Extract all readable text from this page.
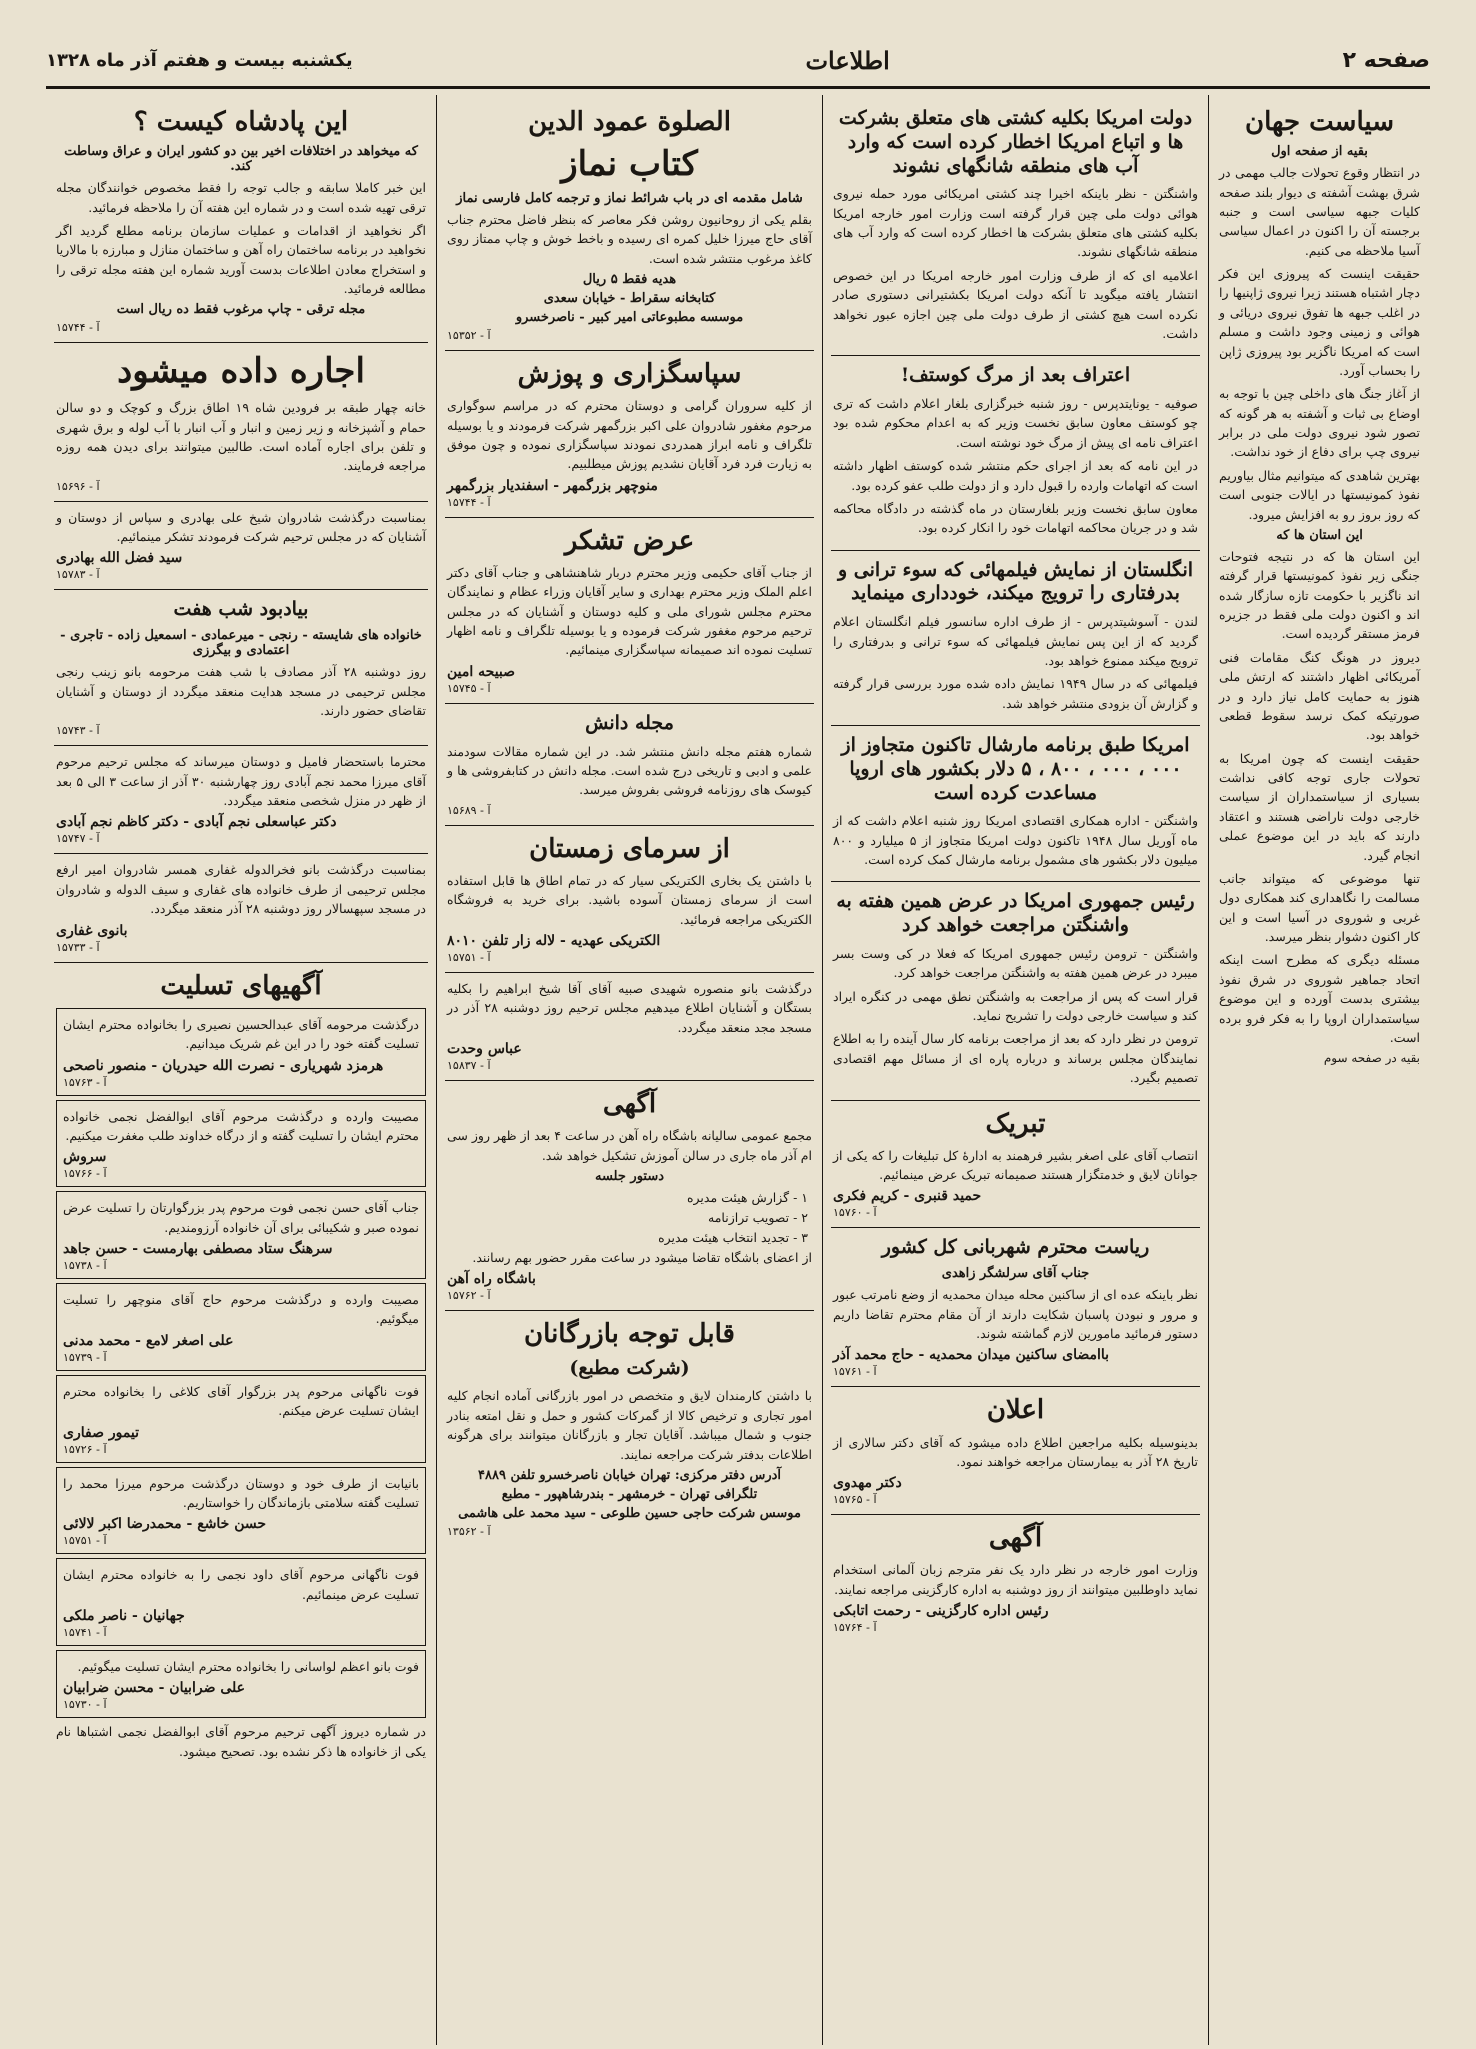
صفحه ۲
اطلاعات
یکشنبه بیست و هفتم آذر ماه ۱۳۲۸
سیاست جهان
بقیه از صفحه اول

در انتظار وقوع تحولات جالب مهمی در شرق بهشت آشفته ی دیوار بلند صفحه کلیات جبهه سیاسی است و جنبه برجسته آن را اکنون در اعمال سیاسی آسیا ملاحظه می کنیم.

حقیقت اینست که پیروزی این فکر دچار اشتباه هستند زیرا نیروی ژاپنیها را در اغلب جبهه ها تفوق نیروی دریائی و هوائی و زمینی وجود داشت و مسلم است که امریکا ناگزیر بود پیروزی ژاپن را بحساب آورد.

از آغاز جنگ های داخلی چین با توجه به اوضاع بی ثبات و آشفته به هر گونه که تصور شود نیروی دولت ملی در برابر نیروی چپ برای دفاع از خود نداشت.

بهترین شاهدی که میتوانیم مثال بیاوریم نفوذ کمونیستها در ایالات جنوبی است که روز بروز رو به افزایش میرود.

این استان ها که

این استان ها که در نتیجه فتوحات جنگی زیر نفوذ کمونیستها قرار گرفته اند ناگزیر با حکومت تازه سازگار شده اند و اکنون دولت ملی فقط در جزیره فرمز مستقر گردیده است.

دیروز در هونگ کنگ مقامات فنی آمریکائی اظهار داشتند که ارتش ملی هنوز به حمایت کامل نیاز دارد و در صورتیکه کمک نرسد سقوط قطعی خواهد بود.

حقیقت اینست که چون امریکا به تحولات جاری توجه کافی نداشت بسیاری از سیاستمداران از سیاست خارجی دولت ناراضی هستند و اعتقاد دارند که باید در این موضوع عملی انجام گیرد.

تنها موضوعی که میتواند جانب مسالمت را نگاهداری کند همکاری دول غربی و شوروی در آسیا است و این کار اکنون دشوار بنظر میرسد.

مسئله دیگری که مطرح است اینکه اتحاد جماهیر شوروی در شرق نفوذ بیشتری بدست آورده و این موضوع سیاستمداران اروپا را به فکر فرو برده است.

بقیه در صفحه سوم
دولت امریکا بکلیه کشتی های متعلق بشرکت ها و اتباع امریکا اخطار کرده است که وارد آب های منطقه شانگهای نشوند

واشنگتن - نظر باینکه اخیرا چند کشتی امریکائی مورد حمله نیروی هوائی دولت ملی چین قرار گرفته است وزارت امور خارجه امریکا بکلیه کشتی های متعلق بشرکت ها اخطار کرده است که وارد آب های منطقه شانگهای نشوند.

اعلامیه ای که از طرف وزارت امور خارجه امریکا در این خصوص انتشار یافته میگوید تا آنکه دولت امریکا بکشتیرانی دستوری صادر نکرده است هیچ کشتی از طرف دولت ملی چین اجازه عبور نخواهد داشت.

اعتراف بعد از مرگ کوستف!

صوفیه - یونایتدپرس - روز شنبه خبرگزاری بلغار اعلام داشت که تری چو کوستف معاون سابق نخست وزیر که به اعدام محکوم شده بود اعتراف نامه ای پیش از مرگ خود نوشته است.

در این نامه که بعد از اجرای حکم منتشر شده کوستف اظهار داشته است که اتهامات وارده را قبول دارد و از دولت طلب عفو کرده بود.

معاون سابق نخست وزیر بلغارستان در ماه گذشته در دادگاه محاکمه شد و در جریان محاکمه اتهامات خود را انکار کرده بود.

انگلستان از نمایش فیلمهائی که سوء ترانی و بدرفتاری را ترویج میکند، خودداری مینماید

لندن - آسوشیتدپرس - از طرف اداره سانسور فیلم انگلستان اعلام گردید که از این پس نمایش فیلمهائی که سوء ترانی و بدرفتاری را ترویج میکند ممنوع خواهد بود.

فیلمهائی که در سال ۱۹۴۹ نمایش داده شده مورد بررسی قرار گرفته و گزارش آن بزودی منتشر خواهد شد.

امریکا طبق برنامه مارشال تاکنون متجاوز از ۰۰۰ ، ۰۰۰ ، ۸۰۰ ، ۵ دلار بکشور های اروپا مساعدت کرده است

واشنگتن - اداره همکاری اقتصادی امریکا روز شنبه اعلام داشت که از ماه آوریل سال ۱۹۴۸ تاکنون دولت امریکا متجاوز از ۵ میلیارد و ۸۰۰ میلیون دلار بکشور های مشمول برنامه مارشال کمک کرده است.

رئیس جمهوری امریکا در عرض همین هفته به واشنگتن مراجعت خواهد کرد

واشنگتن - ترومن رئیس جمهوری امریکا که فعلا در کی وست بسر میبرد در عرض همین هفته به واشنگتن مراجعت خواهد کرد.

قرار است که پس از مراجعت به واشنگتن نطق مهمی در کنگره ایراد کند و سیاست خارجی دولت را تشریح نماید.

ترومن در نظر دارد که بعد از مراجعت برنامه کار سال آینده را به اطلاع نمایندگان مجلس برساند و درباره پاره ای از مسائل مهم اقتصادی تصمیم بگیرد.

تبریک

انتصاب آقای علی اصغر بشیر فرهمند به ادارهٔ کل تبلیغات را که یکی از جوانان لایق و خدمتگزار هستند صمیمانه تبریک عرض مینمائیم.

حمید قنبری - کریم فکری
آ - ۱۵۷۶۰
ریاست محترم شهربانی کل کشور
جناب آقای سرلشگر زاهدی

نظر باینکه عده ای از ساکنین محله میدان محمدیه از وضع نامرتب عبور و مرور و نبودن پاسبان شکایت دارند از آن مقام محترم تقاضا داریم دستور فرمائید مامورین لازم گماشته شوند.

باامضای ساکنین میدان محمدیه - حاج محمد آذر
آ - ۱۵۷۶۱
اعلان

بدینوسیله بکلیه مراجعین اطلاع داده میشود که آقای دکتر سالاری از تاریخ ۲۸ آذر به بیمارستان مراجعه خواهند نمود.

دکتر مهدوی
آ - ۱۵۷۶۵
آگهی

وزارت امور خارجه در نظر دارد یک نفر مترجم زبان آلمانی استخدام نماید داوطلبین میتوانند از روز دوشنبه به اداره کارگزینی مراجعه نمایند.

رئیس اداره کارگزینی - رحمت اتابکی
آ - ۱۵۷۶۴
الصلوة عمود الدین
کتاب نماز
شامل مقدمه ای در باب شرائط نماز و ترجمه کامل فارسی نماز

بقلم یکی از روحانیون روشن فکر معاصر که بنظر فاضل محترم جناب آقای حاج میرزا خلیل کمره ای رسیده و باخط خوش و چاپ ممتاز روی کاغذ مرغوب منتشر شده است.

هدیه فقط ۵ ریال
کتابخانه سقراط - خیابان سعدی
موسسه مطبوعاتی امیر کبیر - ناصرخسرو
آ - ۱۵۳۵۲
سپاسگزاری و پوزش

از کلیه سروران گرامی و دوستان محترم که در مراسم سوگواری مرحوم مغفور شادروان علی اکبر بزرگمهر شرکت فرمودند و یا بوسیله تلگراف و نامه ابراز همدردی نمودند سپاسگزاری نموده و چون موفق به زیارت فرد فرد آقایان نشدیم پوزش میطلبیم.

منوچهر بزرگمهر - اسفندیار بزرگمهر
آ - ۱۵۷۴۴
عرض تشکر

از جناب آقای حکیمی وزیر محترم دربار شاهنشاهی و جناب آقای دکتر اعلم الملک وزیر محترم بهداری و سایر آقایان وزراء عظام و نمایندگان محترم مجلس شورای ملی و کلیه دوستان و آشنایان که در مجلس ترحیم مرحوم مغفور شرکت فرموده و یا بوسیله تلگراف و نامه اظهار تسلیت نموده اند صمیمانه سپاسگزاری مینمائیم.

صبیحه امین
آ - ۱۵۷۴۵
مجله دانش

شماره هفتم مجله دانش منتشر شد. در این شماره مقالات سودمند علمی و ادبی و تاریخی درج شده است. مجله دانش در کتابفروشی ها و کیوسک های روزنامه فروشی بفروش میرسد.

آ - ۱۵۶۸۹
از سرمای زمستان

با داشتن یک بخاری الکتریکی سیار که در تمام اطاق ها قابل استفاده است از سرمای زمستان آسوده باشید. برای خرید به فروشگاه الکتریکی مراجعه فرمائید.

الکتریکی عهدیه - لاله زار تلفن ۸۰۱۰
آ - ۱۵۷۵۱

درگذشت بانو منصوره شهیدی صبیه آقای آقا شیخ ابراهیم را بکلیه بستگان و آشنایان اطلاع میدهیم مجلس ترحیم روز دوشنبه ۲۸ آذر در مسجد مجد منعقد میگردد.

عباس وحدت
آ - ۱۵۸۳۷
آگهی

مجمع عمومی سالیانه باشگاه راه آهن در ساعت ۴ بعد از ظهر روز سی ام آذر ماه جاری در سالن آموزش تشکیل خواهد شد.

دستور جلسه
۱ - گزارش هیئت مدیره
۲ - تصویب ترازنامه
۳ - تجدید انتخاب هیئت مدیره

از اعضای باشگاه تقاضا میشود در ساعت مقرر حضور بهم رسانند.

باشگاه راه آهن
آ - ۱۵۷۶۲
قابل توجه بازرگانان
(شرکت مطبع)

با داشتن کارمندان لایق و متخصص در امور بازرگانی آماده انجام کلیه امور تجاری و ترخیص کالا از گمرکات کشور و حمل و نقل امتعه بنادر جنوب و شمال میباشد. آقایان تجار و بازرگانان میتوانند برای هرگونه اطلاعات بدفتر شرکت مراجعه نمایند.

آدرس دفتر مرکزی: تهران خیابان ناصرخسرو تلفن ۴۸۸۹
تلگرافی تهران - خرمشهر - بندرشاهپور - مطبع
موسس شرکت حاجی حسین طلوعی - سید محمد علی هاشمی
آ - ۱۳۵۶۲
این پادشاه کیست ؟
که میخواهد در اختلافات اخیر بین دو کشور ایران و عراق وساطت کند.

این خبر کاملا سابقه و جالب توجه را فقط مخصوص خوانندگان مجله ترقی تهیه شده است و در شماره این هفته آن را ملاحظه فرمائید.

اگر نخواهید از اقدامات و عملیات سازمان برنامه مطلع گردید اگر نخواهید در برنامه ساختمان راه آهن و ساختمان منازل و مبارزه با مالاریا و استخراج معادن اطلاعات بدست آورید شماره این هفته مجله ترقی را مطالعه فرمائید.

مجله ترقی - چاپ مرغوب فقط ده ریال است
آ - ۱۵۷۴۴
اجاره داده میشود

خانه چهار طبقه بر فرودین شاه ۱۹ اطاق بزرگ و کوچک و دو سالن حمام و آشپزخانه و زیر زمین و انبار و آب انبار با آب لوله و برق شهری و تلفن برای اجاره آماده است. طالبین میتوانند برای دیدن همه روزه مراجعه فرمایند.

آ - ۱۵۶۹۶

بمناسبت درگذشت شادروان شیخ علی بهادری و سپاس از دوستان و آشنایان که در مجلس ترحیم شرکت فرمودند تشکر مینمائیم.

سید فضل الله بهادری
آ - ۱۵۷۸۳
بیادبود شب هفت
خانواده های شایسته - رنجی - میرعمادی - اسمعیل زاده - تاجری - اعتمادی و بیگرزی

روز دوشنبه ۲۸ آذر مصادف با شب هفت مرحومه بانو زینب رنجی مجلس ترحیمی در مسجد هدایت منعقد میگردد از دوستان و آشنایان تقاضای حضور دارند.

آ - ۱۵۷۴۳

محترما باستحضار فامیل و دوستان میرساند که مجلس ترحیم مرحوم آقای میرزا محمد نجم آبادی روز چهارشنبه ۳۰ آذر از ساعت ۳ الی ۵ بعد از ظهر در منزل شخصی منعقد میگردد.

دکتر عباسعلی نجم آبادی - دکتر کاظم نجم آبادی
آ - ۱۵۷۴۷

بمناسبت درگذشت بانو فخرالدوله غفاری همسر شادروان امیر ارفع مجلس ترحیمی از طرف خانواده های غفاری و سیف الدوله و شادروان در مسجد سپهسالار روز دوشنبه ۲۸ آذر منعقد میگردد.

بانوی غفاری
آ - ۱۵۷۳۳
آگهیهای تسلیت

درگذشت مرحومه آقای عبدالحسین نصیری را بخانواده محترم ایشان تسلیت گفته خود را در این غم شریک میدانیم.

هرمزد شهریاری - نصرت الله حیدریان - منصور ناصحی
آ - ۱۵۷۶۳

مصیبت وارده و درگذشت مرحوم آقای ابوالفضل نجمی خانواده محترم ایشان را تسلیت گفته و از درگاه خداوند طلب مغفرت میکنیم.

سروش
آ - ۱۵۷۶۶

جناب آقای حسن نجمی فوت مرحوم پدر بزرگوارتان را تسلیت عرض نموده صبر و شکیبائی برای آن خانواده آرزومندیم.

سرهنگ ستاد مصطفی بهارمست - حسن جاهد
آ - ۱۵۷۳۸

مصیبت وارده و درگذشت مرحوم حاج آقای منوچهر را تسلیت میگوئیم.

علی اصغر لامع - محمد مدنی
آ - ۱۵۷۳۹

فوت ناگهانی مرحوم پدر بزرگوار آقای کلاغی را بخانواده محترم ایشان تسلیت عرض میکنم.

تیمور صفاری
آ - ۱۵۷۲۶

بانیابت از طرف خود و دوستان درگذشت مرحوم میرزا محمد را تسلیت گفته سلامتی بازماندگان را خواستاریم.

حسن خاشع - محمدرضا اکبر لالائی
آ - ۱۵۷۵۱

فوت ناگهانی مرحوم آقای داود نجمی را به خانواده محترم ایشان تسلیت عرض مینمائیم.

جهانیان - ناصر ملکی
آ - ۱۵۷۴۱

فوت بانو اعظم لواسانی را بخانواده محترم ایشان تسلیت میگوئیم.

علی ضرابیان - محسن ضرابیان
آ - ۱۵۷۳۰

در شماره دیروز آگهی ترحیم مرحوم آقای ابوالفضل نجمی اشتباها نام یکی از خانواده ها ذکر نشده بود. تصحیح میشود.
